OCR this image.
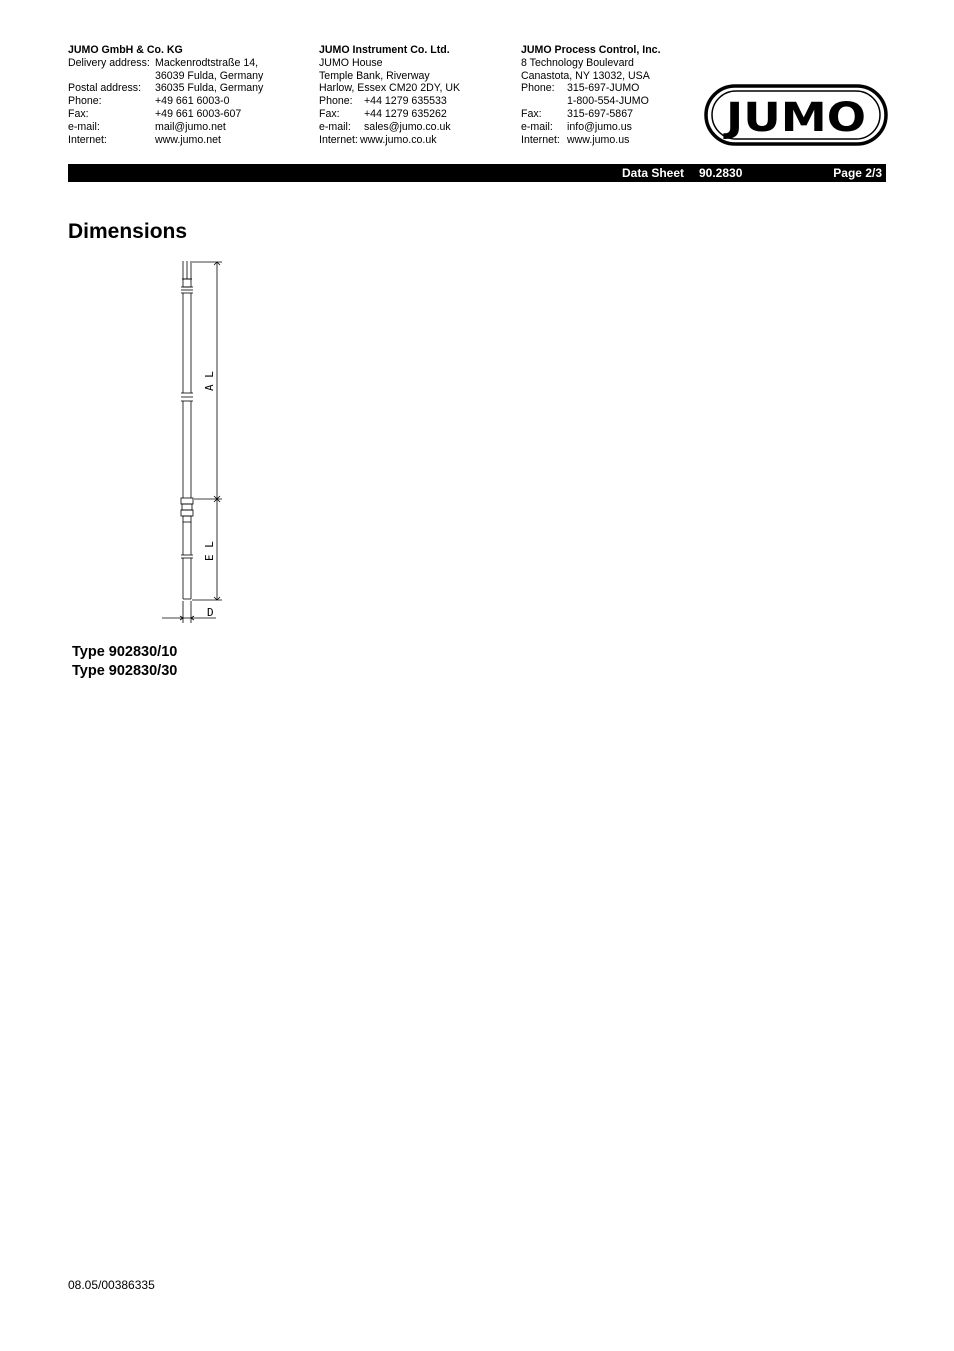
JUMO GmbH & Co. KG
Delivery address: Mackenrodtstraße 14,
36039 Fulda, Germany
Postal address:	36035 Fulda, Germany
Phone:	+49 661 6003-0
Fax:	+49 661 6003-607
e-mail:	mail@jumo.net
Internet:	www.jumo.net
JUMO Instrument Co. Ltd.
JUMO House
Temple Bank, Riverway
Harlow, Essex CM20 2DY, UK
Phone:	+44 1279 635533
Fax:	+44 1279 635262
e-mail:	sales@jumo.co.uk
Internet: www.jumo.co.uk
JUMO Process Control, Inc.
8 Technology Boulevard
Canastota, NY 13032, USA
Phone:	315-697-JUMO
1-800-554-JUMO
Fax:	315-697-5867
e-mail:	info@jumo.us
Internet: www.jumo.us JUMO
Data Sheet 90.2830	Page 2/3
Dimensions
A L
E L
D
Type 902830/10
Type 902830/30
08.05/00386335
